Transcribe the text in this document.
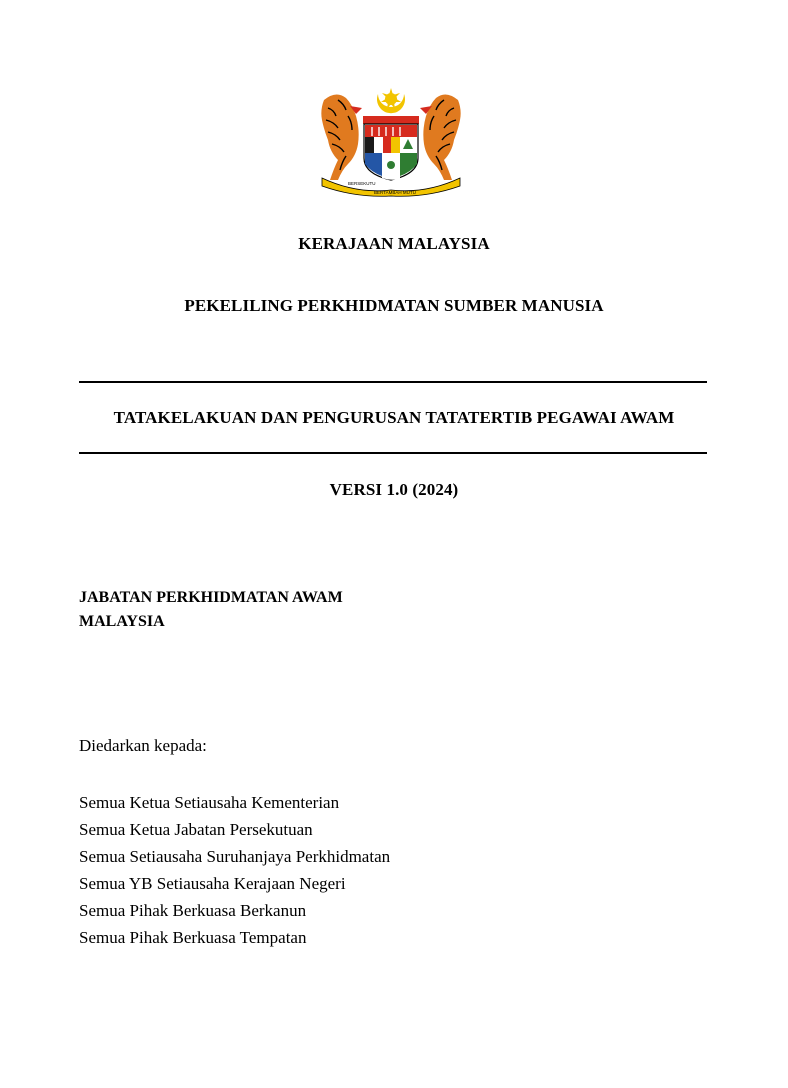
BERSEKUTU
BERTAMBAH MUTU
KERAJAAN MALAYSIA
PEKELILING PERKHIDMATAN SUMBER MANUSIA
TATAKELAKUAN DAN PENGURUSAN TATATERTIB PEGAWAI AWAM
VERSI 1.0 (2024)
JABATAN PERKHIDMATAN AWAM
MALAYSIA
Diedarkan kepada:
Semua Ketua Setiausaha Kementerian
Semua Ketua Jabatan Persekutuan
Semua Setiausaha Suruhanjaya Perkhidmatan
Semua YB Setiausaha Kerajaan Negeri
Semua Pihak Berkuasa Berkanun
Semua Pihak Berkuasa Tempatan
